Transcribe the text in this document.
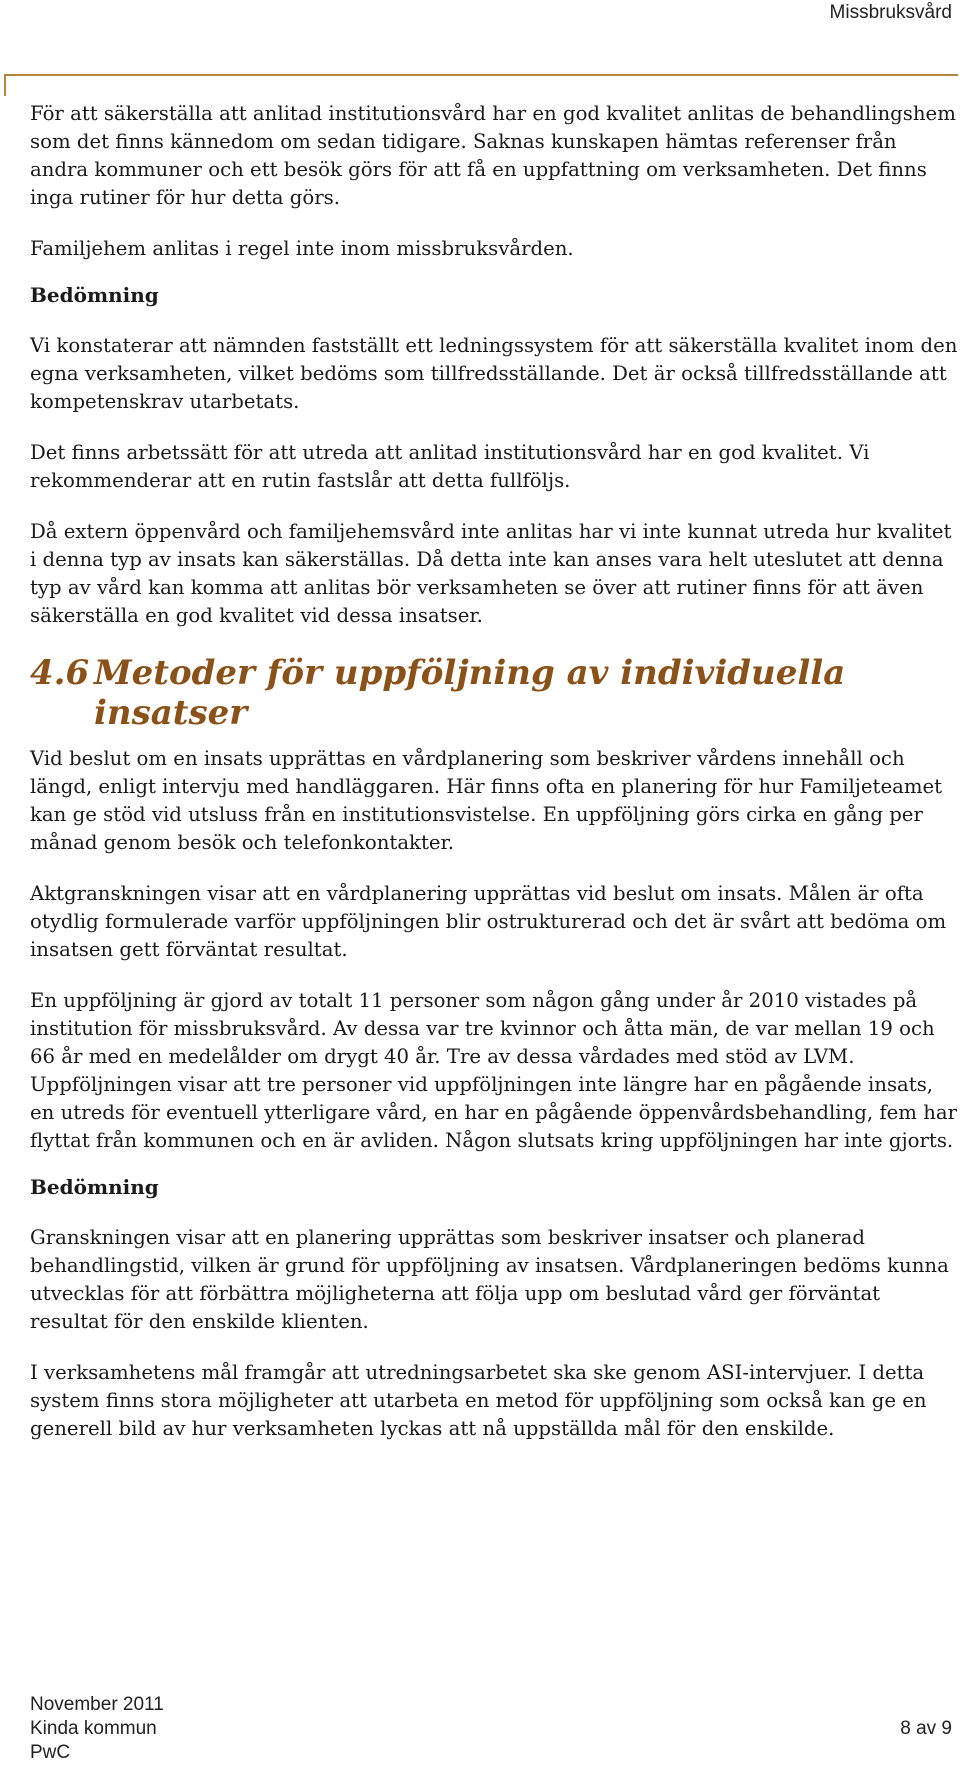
Missbruksvård

För att säkerställa att anlitad institutionsvård har en god kvalitet anlitas de behandlingshem som det finns kännedom om sedan tidigare. Saknas kunskapen hämtas referenser från andra kommuner och ett besök görs för att få en uppfattning om verksamheten. Det finns inga rutiner för hur detta görs.

Familjehem anlitas i regel inte inom missbruksvården.

Bedömning

Vi konstaterar att nämnden fastställt ett ledningssystem för att säkerställa kvalitet inom den egna verksamheten, vilket bedöms som tillfredsställande. Det är också tillfredsställande att kompetenskrav utarbetats.

Det finns arbetssätt för att utreda att anlitad institutionsvård har en god kvalitet. Vi rekommenderar att en rutin fastslår att detta fullföljs.

Då extern öppenvård och familjehemsvård inte anlitas har vi inte kunnat utreda hur kvalitet i denna typ av insats kan säkerställas. Då detta inte kan anses vara helt uteslutet att denna typ av vård kan komma att anlitas bör verksamheten se över att rutiner finns för att även säkerställa en god kvalitet vid dessa insatser.

4.6 Metoder för uppföljning av individuella insatser

Vid beslut om en insats upprättas en vårdplanering som beskriver vårdens innehåll och längd, enligt intervju med handläggaren. Här finns ofta en planering för hur Familjeteamet kan ge stöd vid utsluss från en institutionsvistelse. En uppföljning görs cirka en gång per månad genom besök och telefonkontakter.

Aktgranskningen visar att en vårdplanering upprättas vid beslut om insats. Målen är ofta otydlig formulerade varför uppföljningen blir ostrukturerad och det är svårt att bedöma om insatsen gett förväntat resultat.

En uppföljning är gjord av totalt 11 personer som någon gång under år 2010 vistades på institution för missbruksvård. Av dessa var tre kvinnor och åtta män, de var mellan 19 och 66 år med en medelålder om drygt 40 år. Tre av dessa vårdades med stöd av LVM. Uppföljningen visar att tre personer vid uppföljningen inte längre har en pågående insats, en utreds för eventuell ytterligare vård, en har en pågående öppenvårdsbehandling, fem har flyttat från kommunen och en är avliden. Någon slutsats kring uppföljningen har inte gjorts.

Bedömning

Granskningen visar att en planering upprättas som beskriver insatser och planerad behandlingstid, vilken är grund för uppföljning av insatsen. Vårdplaneringen bedöms kunna utvecklas för att förbättra möjligheterna att följa upp om beslutad vård ger förväntat resultat för den enskilde klienten.

I verksamhetens mål framgår att utredningsarbetet ska ske genom ASI-intervjuer. I detta system finns stora möjligheter att utarbeta en metod för uppföljning som också kan ge en generell bild av hur verksamheten lyckas att nå uppställda mål för den enskilde.

November 2011
Kinda kommun	8 av 9
PwC
